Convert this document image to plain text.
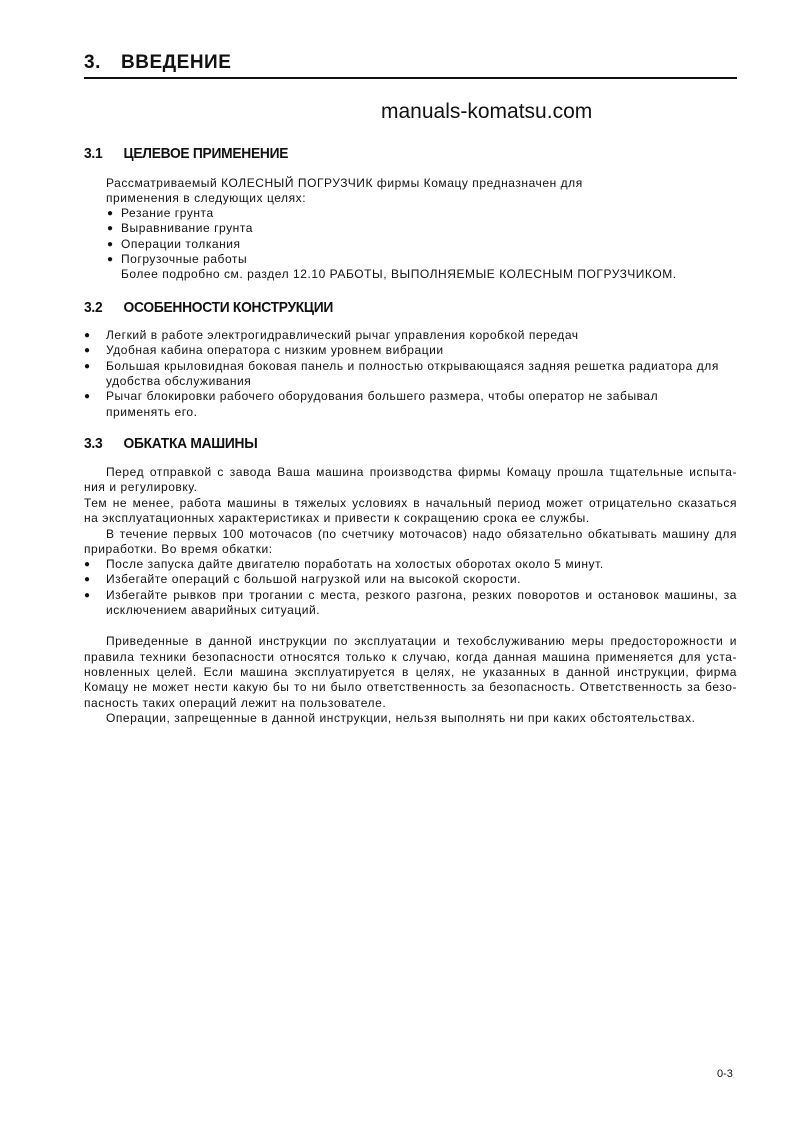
3. ВВЕДЕНИЕ
manuals-komatsu.com
3.1 ЦЕЛЕВОЕ ПРИМЕНЕНИЕ
Рассматриваемый КОЛЕСНЫЙ ПОГРУЗЧИК фирмы Комацу предназначен для
применения в следующих целях:
● Резание грунта
● Выравнивание грунта
● Операции толкания
● Погрузочные работы
Более подробно см. раздел 12.10 РАБОТЫ, ВЫПОЛНЯЕМЫЕ КОЛЕСНЫМ ПОГРУЗЧИКОМ.
3.2 ОСОБЕННОСТИ КОНСТРУКЦИИ
● Легкий в работе электрогидравлический рычаг управления коробкой передач
● Удобная кабина оператора с низким уровнем вибрации
● Большая крыловидная боковая панель и полностью открывающаяся задняя решетка радиатора для
удобства обслуживания
● Рычаг блокировки рабочего оборудования большего размера, чтобы оператор не забывал
применять его.
3.3 ОБКАТКА МАШИНЫ
Перед отправкой с завода Ваша машина производства фирмы Комацу прошла тщательные испыта-
ния и регулировку.
Тем не менее, работа машины в тяжелых условиях в начальный период может отрицательно сказаться
на эксплуатационных характеристиках и привести к сокращению срока ее службы.
В течение первых 100 моточасов (по счетчику моточасов) надо обязательно обкатывать машину для
приработки. Во время обкатки:
● После запуска дайте двигателю поработать на холостых оборотах около 5 минут.
● Избегайте операций с большой нагрузкой или на высокой скорости.
● Избегайте рывков при трогании с места, резкого разгона, резких поворотов и остановок машины, за
исключением аварийных ситуаций.
Приведенные в данной инструкции по эксплуатации и техобслуживанию меры предосторожности и
правила техники безопасности относятся только к случаю, когда данная машина применяется для уста-
новленных целей. Если машина эксплуатируется в целях, не указанных в данной инструкции, фирма
Комацу не может нести какую бы то ни было ответственность за безопасность. Ответственность за безо-
пасность таких операций лежит на пользователе.
Операции, запрещенные в данной инструкции, нельзя выполнять ни при каких обстоятельствах.
0-3
